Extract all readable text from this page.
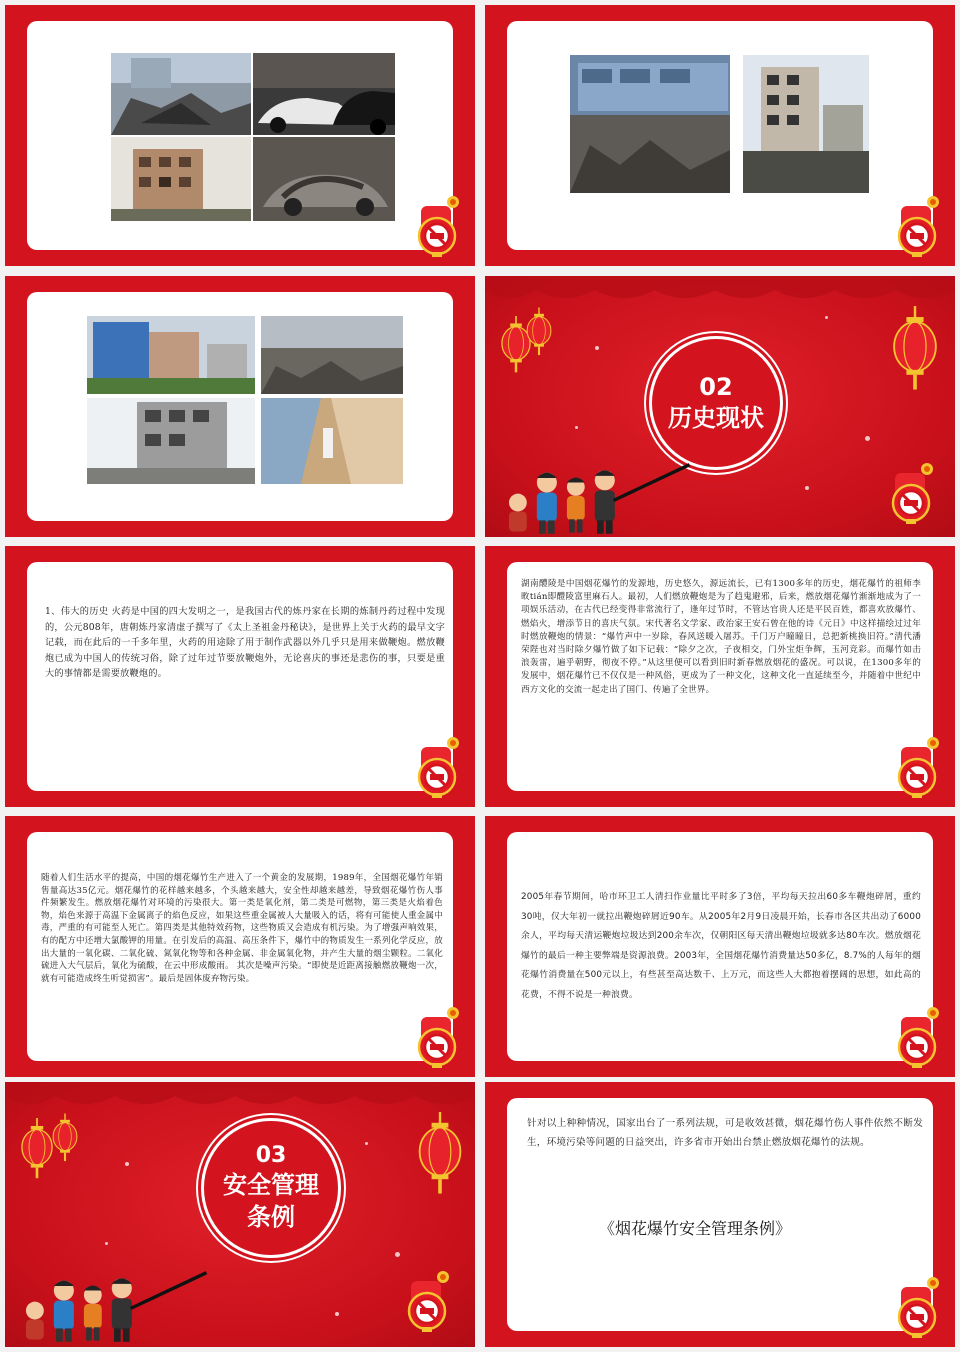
02
历史现状
1、伟大的历史 火药是中国的四大发明之一，是我国古代的炼丹家在长期的炼制丹药过程中发现的，公元808年，唐朝炼丹家清虚子撰写了《太上圣祖金丹秘诀》，是世界上关于火药的最早文字记载，而在此后的一千多年里，火药的用途除了用于制作武器以外几乎只是用来做鞭炮。燃放鞭炮已成为中国人的传统习俗，除了过年过节要放鞭炮外，无论喜庆的事还是悲伤的事，只要是重大的事情都是需要放鞭炮的。
湖南醴陵是中国烟花爆竹的发源地，历史悠久，源远流长，已有1300多年的历史，烟花爆竹的祖师李畋tián即醴陵富里麻石人。最初，人们燃放鞭炮是为了趋鬼避邪，后来，燃放烟花爆竹渐渐地成为了一项娱乐活动，在古代已经变得非常流行了，逢年过节时，不管达官贵人还是平民百姓，都喜欢放爆竹、燃焰火，增添节日的喜庆气氛。宋代著名文学家、政治家王安石曾在他的诗《元日》中这样描绘过过年时燃放鞭炮的情景：“爆竹声中一岁除，春风送暖入屠苏。千门万户曈曈日，总把新桃换旧符。”清代潘荣陛也对当时除夕爆竹做了如下记载：“除夕之次，子夜相交，门外宝炬争辉，玉河竞彩。而爆竹如击浪轰雷，遍乎朝野，彻夜不停。”从这里便可以看到旧时新春燃放烟花的盛况。可以说，在1300多年的发展中，烟花爆竹已不仅仅是一种风俗，更成为了一种文化，这种文化一直延续至今，并随着中世纪中西方文化的交流一起走出了国门、传遍了全世界。
随着人们生活水平的提高，中国的烟花爆竹生产进入了一个黄金的发展期，1989年，全国烟花爆竹年销售量高达35亿元。烟花爆竹的花样越来越多，个头越来越大，安全性却越来越差，导致烟花爆竹伤人事件频繁发生。燃放烟花爆竹对环境的污染很大。第一类是氧化剂，第二类是可燃物，第三类是火焰着色物，焰色来源于高温下金属离子的焰色反应，如果这些重金属被人大量吸入的话，将有可能使人重金属中毒，严重的有可能至人死亡。第四类是其他特效药物，这些物质又会造成有机污染。为了增强声响效果，有的配方中还增大氯酸钾的用量。在引发后的高温、高压条件下，爆竹中的物质发生一系列化学反应，放出大量的一氧化碳、二氧化硫、氮氧化物等和各种金属、非金属氧化物，并产生大量的烟尘颗粒。二氧化硫进入大气层后，氧化为硫酸，在云中形成酸雨。 其次是噪声污染。“即使是近距离接触燃放鞭炮一次，就有可能造成终生听觉损害”。最后是固体废弃物污染。
2005年春节期间，哈市环卫工人清扫作业量比平时多了3倍，平均每天拉出60多车鞭炮碎屑，重约30吨，仅大年初一就拉出鞭炮碎屑近90车。从2005年2月9日凌晨开始，长春市各区共出动了6000余人，平均每天清运鞭炮垃圾达到200余车次，仅朝阳区每天清出鞭炮垃圾就多达80车次。燃放烟花爆竹的最后一种主要弊端是资源浪费。2003年，全国烟花爆竹消费量达50多亿，8.7%的人每年的烟花爆竹消费量在500元以上，有些甚至高达数千、上万元，而这些人大都抱着摆阔的思想，如此高的花费，不得不说是一种浪费。
03
安全管理
条例
针对以上种种情况，国家出台了一系列法规，可是收效甚微，烟花爆竹伤人事件依然不断发生，环境污染等问题的日益突出，许多省市开始出台禁止燃放烟花爆竹的法规。
《烟花爆竹安全管理条例》
